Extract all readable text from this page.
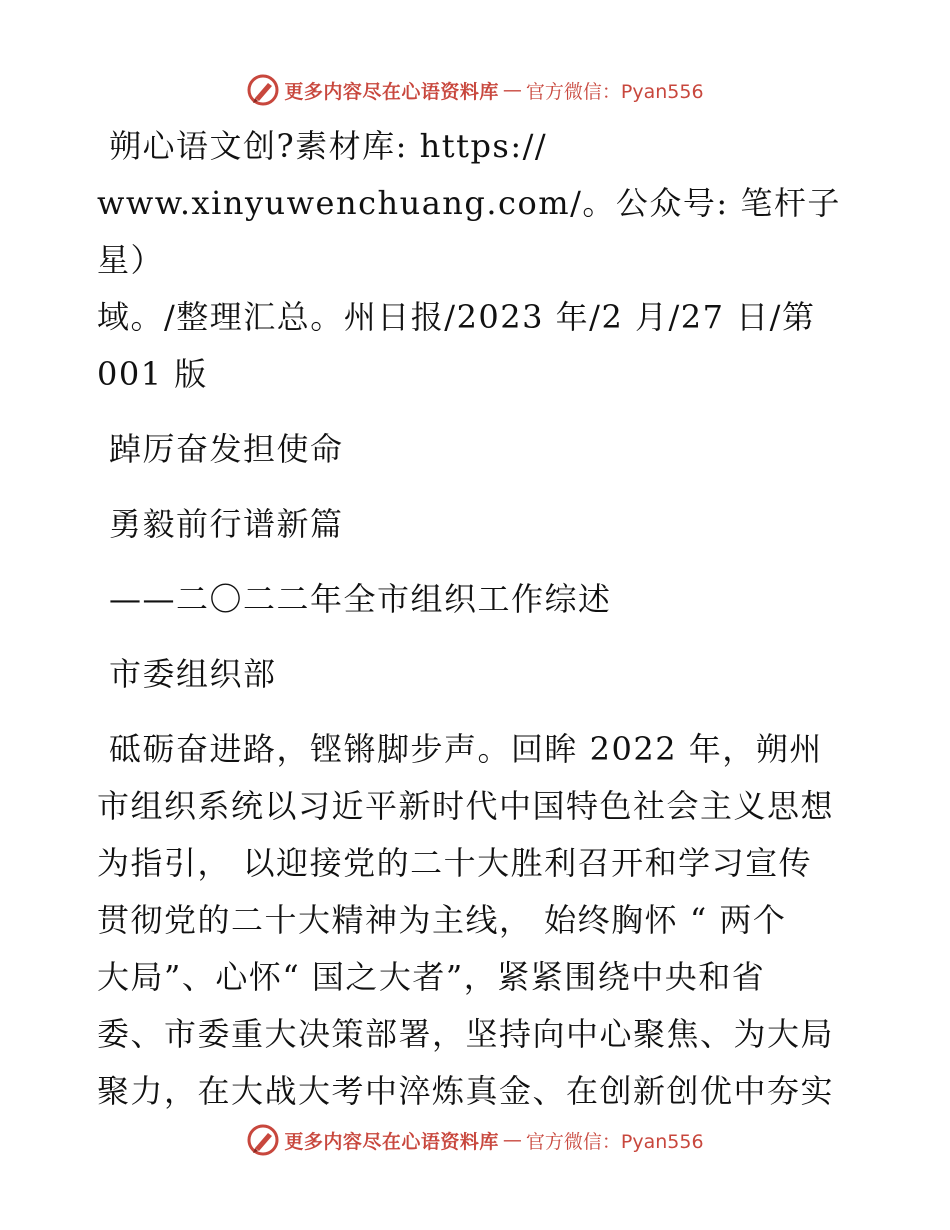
更多内容尽在心语资料库 — 官方微信：Pyan556

朔心语文创?素材库: https://

www.xinyuwenchuang.com/。公众号: 笔杆子星）

域。/整理汇总。州日报/2023 年/2 月/27 日/第

001 版

踔厉奋发担使命

勇毅前行谱新篇

——二〇二二年全市组织工作综述

市委组织部

砥砺奋进路，铿锵脚步声。回眸 2022 年，朔州

市组织系统以习近平新时代中国特色社会主义思想

为指引， 以迎接党的二十大胜利召开和学习宣传

贯彻党的二十大精神为主线， 始终胸怀 “ 两个

大局”、心怀“ 国之大者”，紧紧围绕中央和省

委、市委重大决策部署，坚持向中心聚焦、为大局

聚力，在大战大考中淬炼真金、在创新创优中夯实

更多内容尽在心语资料库 — 官方微信：Pyan556
